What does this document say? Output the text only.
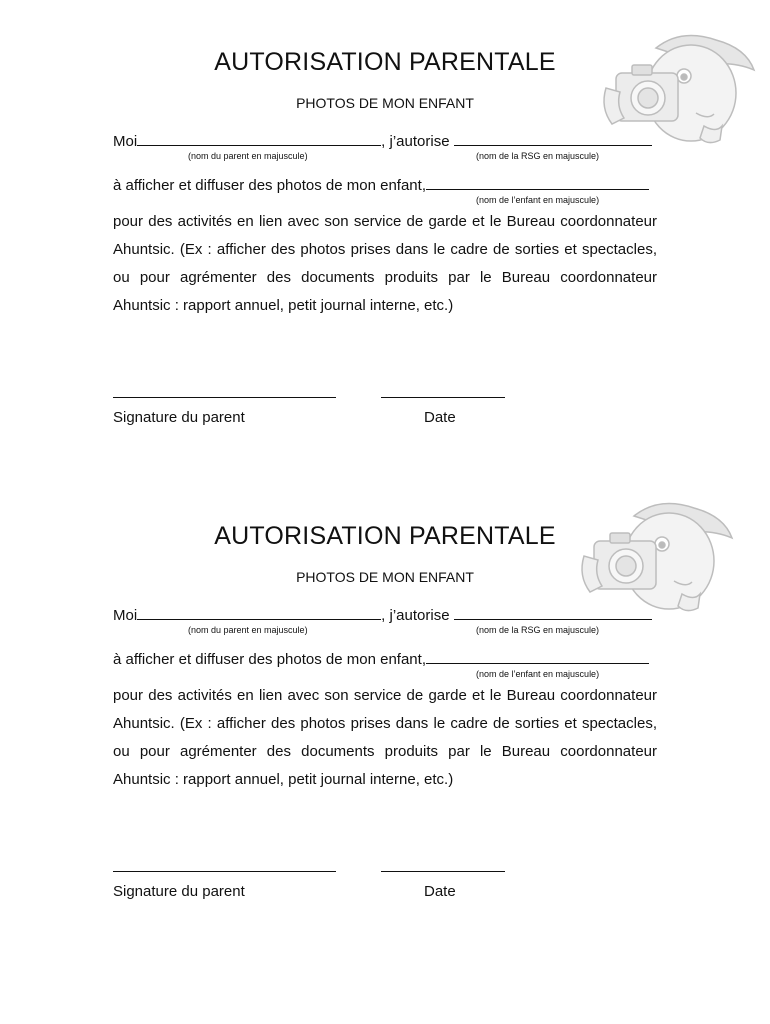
AUTORISATION PARENTALE
PHOTOS DE MON ENFANT
Moi	, j’autorise
(nom du parent en majuscule)	(nom de la RSG en majuscule)
à afficher et diffuser des photos de mon enfant,
(nom de l’enfant en majuscule)
pour des activités en lien avec son service de garde et le Bureau coordonnateur
Ahuntsic. (Ex : afficher des photos prises dans le cadre de sorties et spectacles,
ou pour agrémenter des documents produits par le Bureau coordonnateur
Ahuntsic : rapport annuel, petit journal interne, etc.)
Signature du parent	Date
AUTORISATION PARENTALE
PHOTOS DE MON ENFANT
Moi	, j’autorise
(nom du parent en majuscule)	(nom de la RSG en majuscule)
à afficher et diffuser des photos de mon enfant,
(nom de l’enfant en majuscule)
pour des activités en lien avec son service de garde et le Bureau coordonnateur
Ahuntsic. (Ex : afficher des photos prises dans le cadre de sorties et spectacles,
ou pour agrémenter des documents produits par le Bureau coordonnateur
Ahuntsic : rapport annuel, petit journal interne, etc.)
Signature du parent	Date
